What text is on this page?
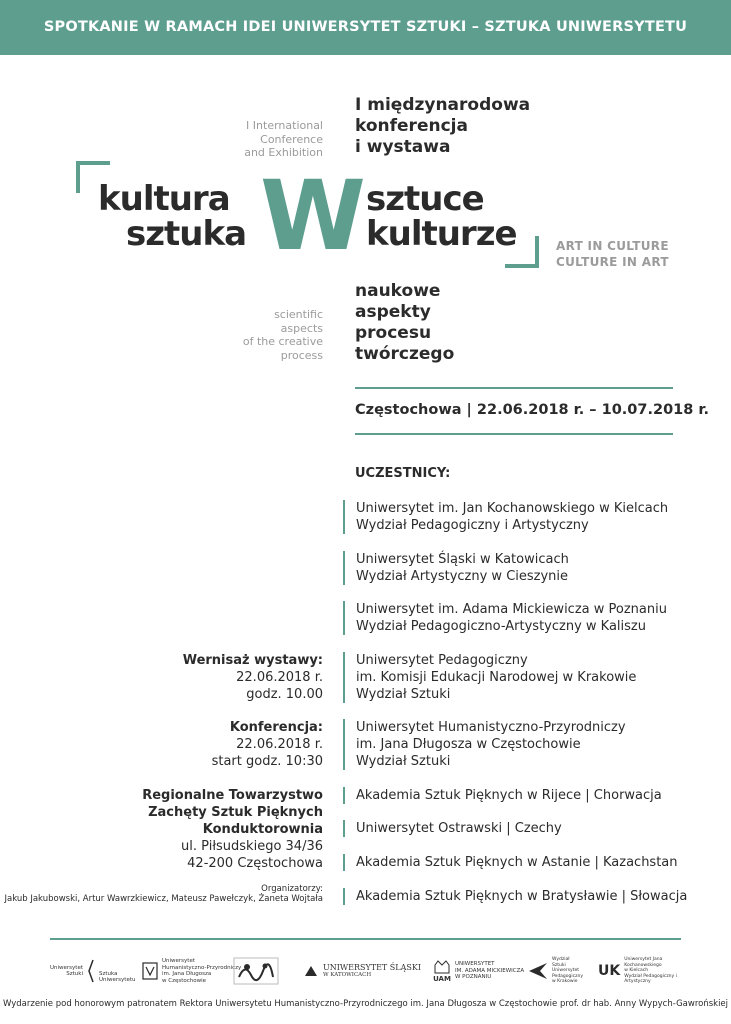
SPOTKANIE W RAMACH IDEI UNIWERSYTET SZTUKI – SZTUKA UNIWERSYTETU
I International
Conference
and Exhibition
I międzynarodowa
konferencja
i wystawa
kultura
sztuka W sztuce
kulturze	ART IN CULTURE
CULTURE IN ART
scientific
aspects
of the creative
process
naukowe
aspekty
procesu
twórczego
Częstochowa | 22.06.2018 r. – 10.07.2018 r.
UCZESTNICY:
Uniwersytet im. Jan Kochanowskiego w Kielcach
Wydział Pedagogiczny i Artystyczny
Uniwersytet Śląski w Katowicach
Wydział Artystyczny w Cieszynie
Uniwersytet im. Adama Mickiewicza w Poznaniu
Wydział Pedagogiczno-Artystyczny w Kaliszu
Uniwersytet Pedagogiczny
im. Komisji Edukacji Narodowej w Krakowie
Wydział Sztuki
Uniwersytet Humanistyczno-Przyrodniczy
im. Jana Długosza w Częstochowie
Wydział Sztuki
Akademia Sztuk Pięknych w Rijece | Chorwacja
Uniwersytet Ostrawski | Czechy
Akademia Sztuk Pięknych w Astanie | Kazachstan
Akademia Sztuk Pięknych w Bratysławie | Słowacja
Wernisaż wystawy:
22.06.2018 r.
godz. 10.00
Konferencja:
22.06.2018 r.
start godz. 10:30
Regionalne Towarzystwo
Zachęty Sztuk Pięknych
Konduktorownia
ul. Piłsudskiego 34/36
42-200 Częstochowa
Organizatorzy:
Jakub Jakubowski, Artur Wawrzkiewicz, Mateusz Pawełczyk, Żaneta Wojtała
Uniwersytet
Sztuki	Sztuka
Uniwersytetu
Uniwersytet
Humanistyczno-Przyrodniczy
im. Jana Długosza
w Częstochowie
UNIWERSYTET ŚLĄSKI
W KATOWICACH	UAM
UNIWERSYTET
IM. ADAMA MICKIEWICZA
W POZNANIU
Wydział
Sztuki
Uniwersytet
Pedagogiczny
w Krakowie
UK
Uniwersytet Jana Kochanowskiego
w Kielcach
Wydział Pedagogiczny i Artystyczny
Wydarzenie pod honorowym patronatem Rektora Uniwersytetu Humanistyczno-Przyrodniczego im. Jana Długosza w Częstochowie prof. dr hab. Anny Wypych-Gawrońskiej
